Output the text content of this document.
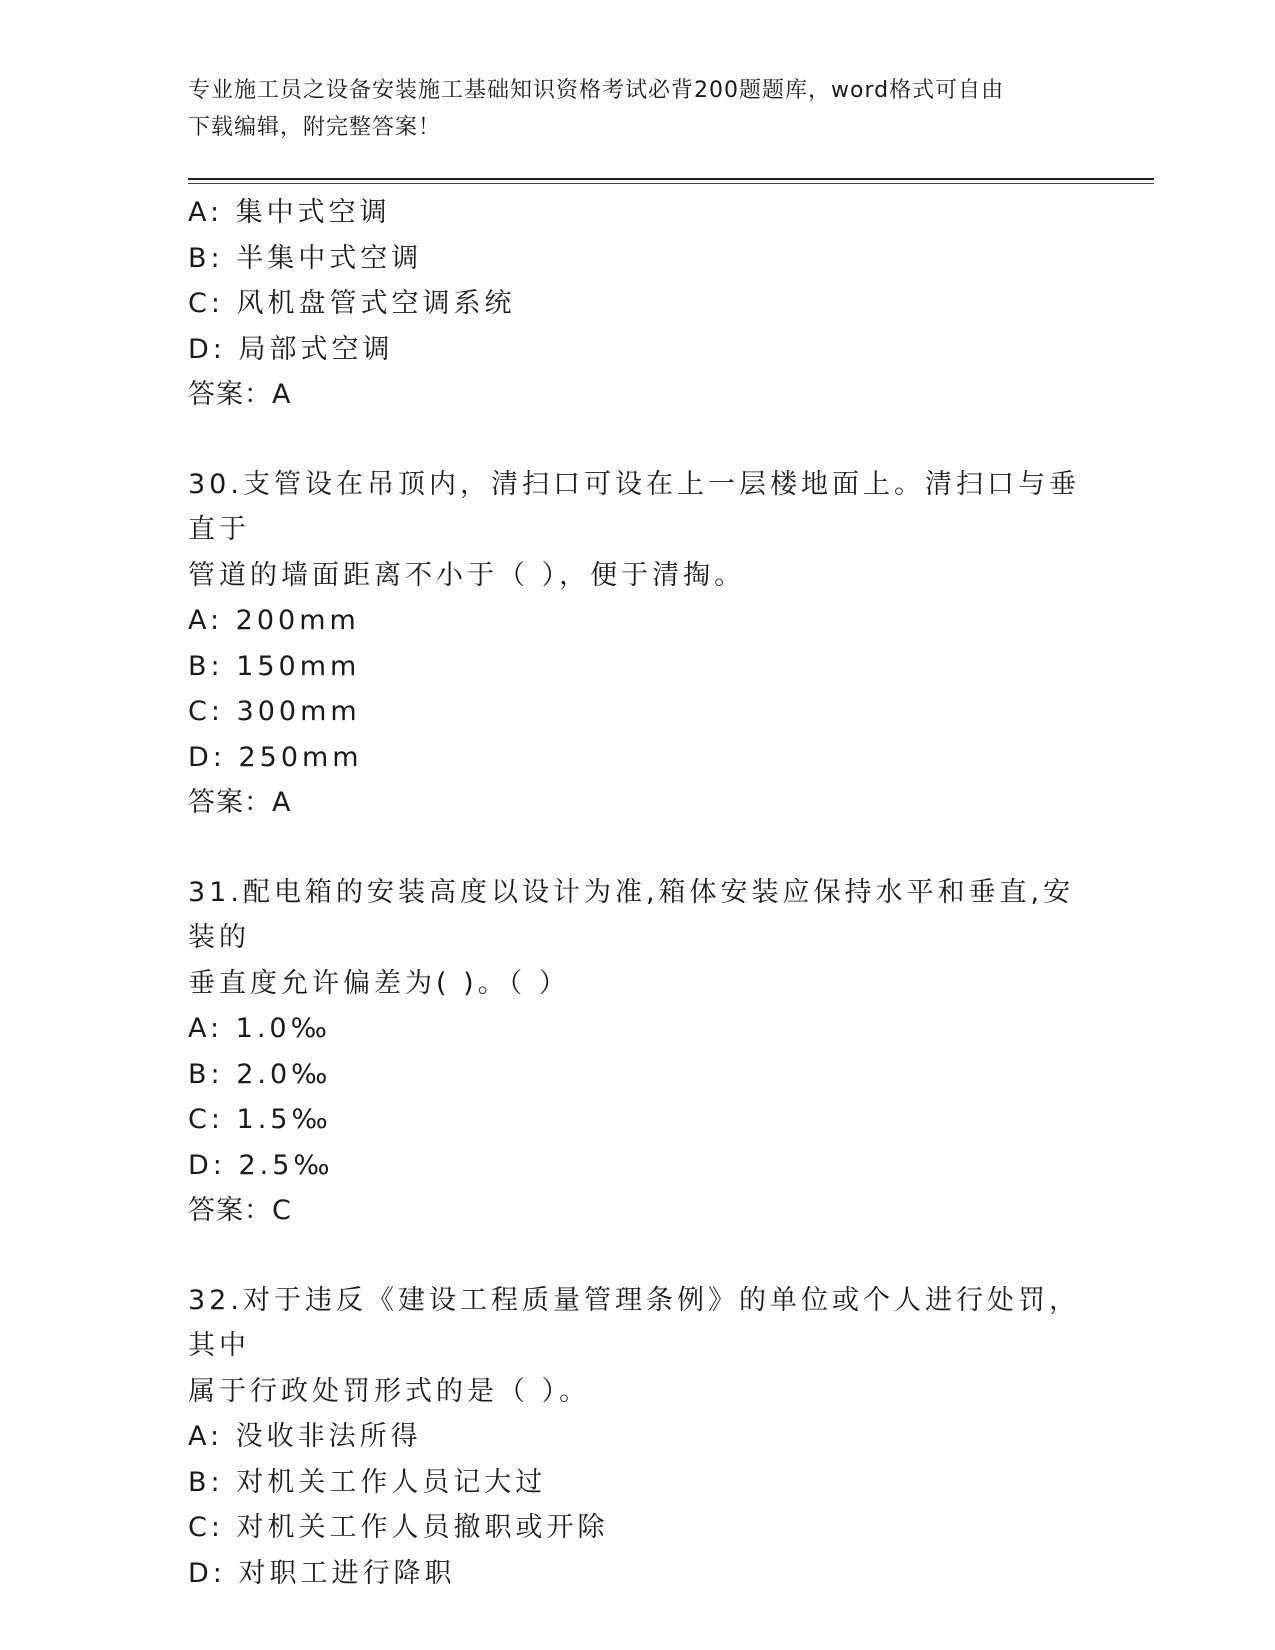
专业施工员之设备安装施工基础知识资格考试必背200题题库，word格式可自由
下载编辑，附完整答案！
A: 集中式空调
B: 半集中式空调
C: 风机盘管式空调系统
D: 局部式空调
答案：A
30.支管设在吊顶内，清扫口可设在上一层楼地面上。清扫口与垂直于
管道的墙面距离不小于（ ），便于清掏。
A: 200mm
B: 150mm
C: 300mm
D: 250mm
答案：A
31.配电箱的安装高度以设计为准,箱体安装应保持水平和垂直,安装的
垂直度允许偏差为( )。（ ）
A: 1.0‰
B: 2.0‰
C: 1.5‰
D: 2.5‰
答案：C
32.对于违反《建设工程质量管理条例》的单位或个人进行处罚，其中
属于行政处罚形式的是（ ）。
A: 没收非法所得
B: 对机关工作人员记大过
C: 对机关工作人员撤职或开除
D: 对职工进行降职
